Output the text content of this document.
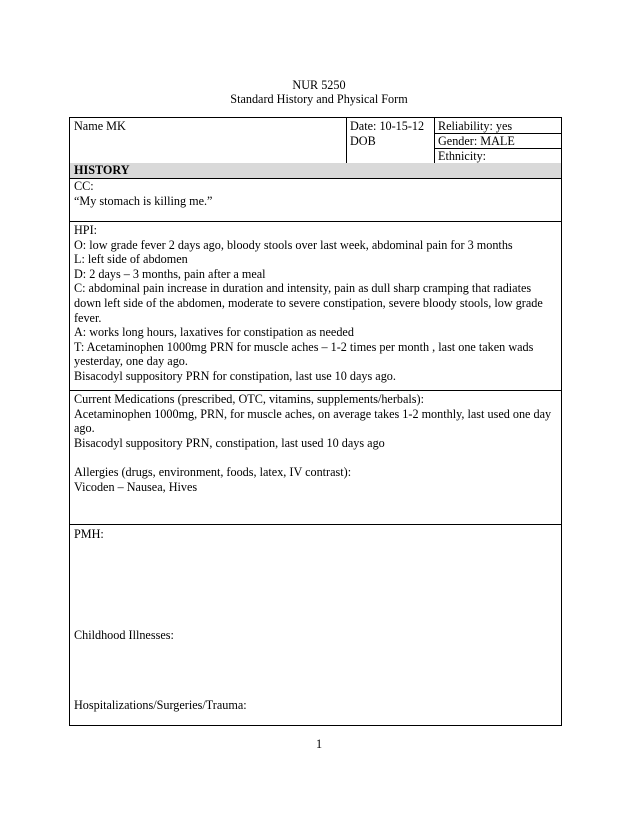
NUR 5250
Standard History and Physical Form
Name MK	Date: 10-15-12
DOB
Reliability: yes
Gender: MALE
Ethnicity:
HISTORY
CC:
“My stomach is killing me.”
HPI:
O: low grade fever 2 days ago, bloody stools over last week, abdominal pain for 3 months
L: left side of abdomen
D: 2 days – 3 months, pain after a meal
C: abdominal pain increase in duration and intensity, pain as dull sharp cramping that radiates down left side of the abdomen, moderate to severe constipation, severe bloody stools, low grade fever.
A: works long hours, laxatives for constipation as needed
T: Acetaminophen 1000mg PRN for muscle aches – 1-2 times per month , last one taken wads yesterday, one day ago.
Bisacodyl suppository PRN for constipation, last use 10 days ago.
Current Medications (prescribed, OTC, vitamins, supplements/herbals):
Acetaminophen 1000mg, PRN, for muscle aches, on average takes 1-2 monthly, last used one day ago.
Bisacodyl suppository PRN, constipation, last used 10 days ago
Allergies (drugs, environment, foods, latex, IV contrast):
Vicoden – Nausea, Hives
PMH:
Childhood Illnesses:
Hospitalizations/Surgeries/Trauma:
1
